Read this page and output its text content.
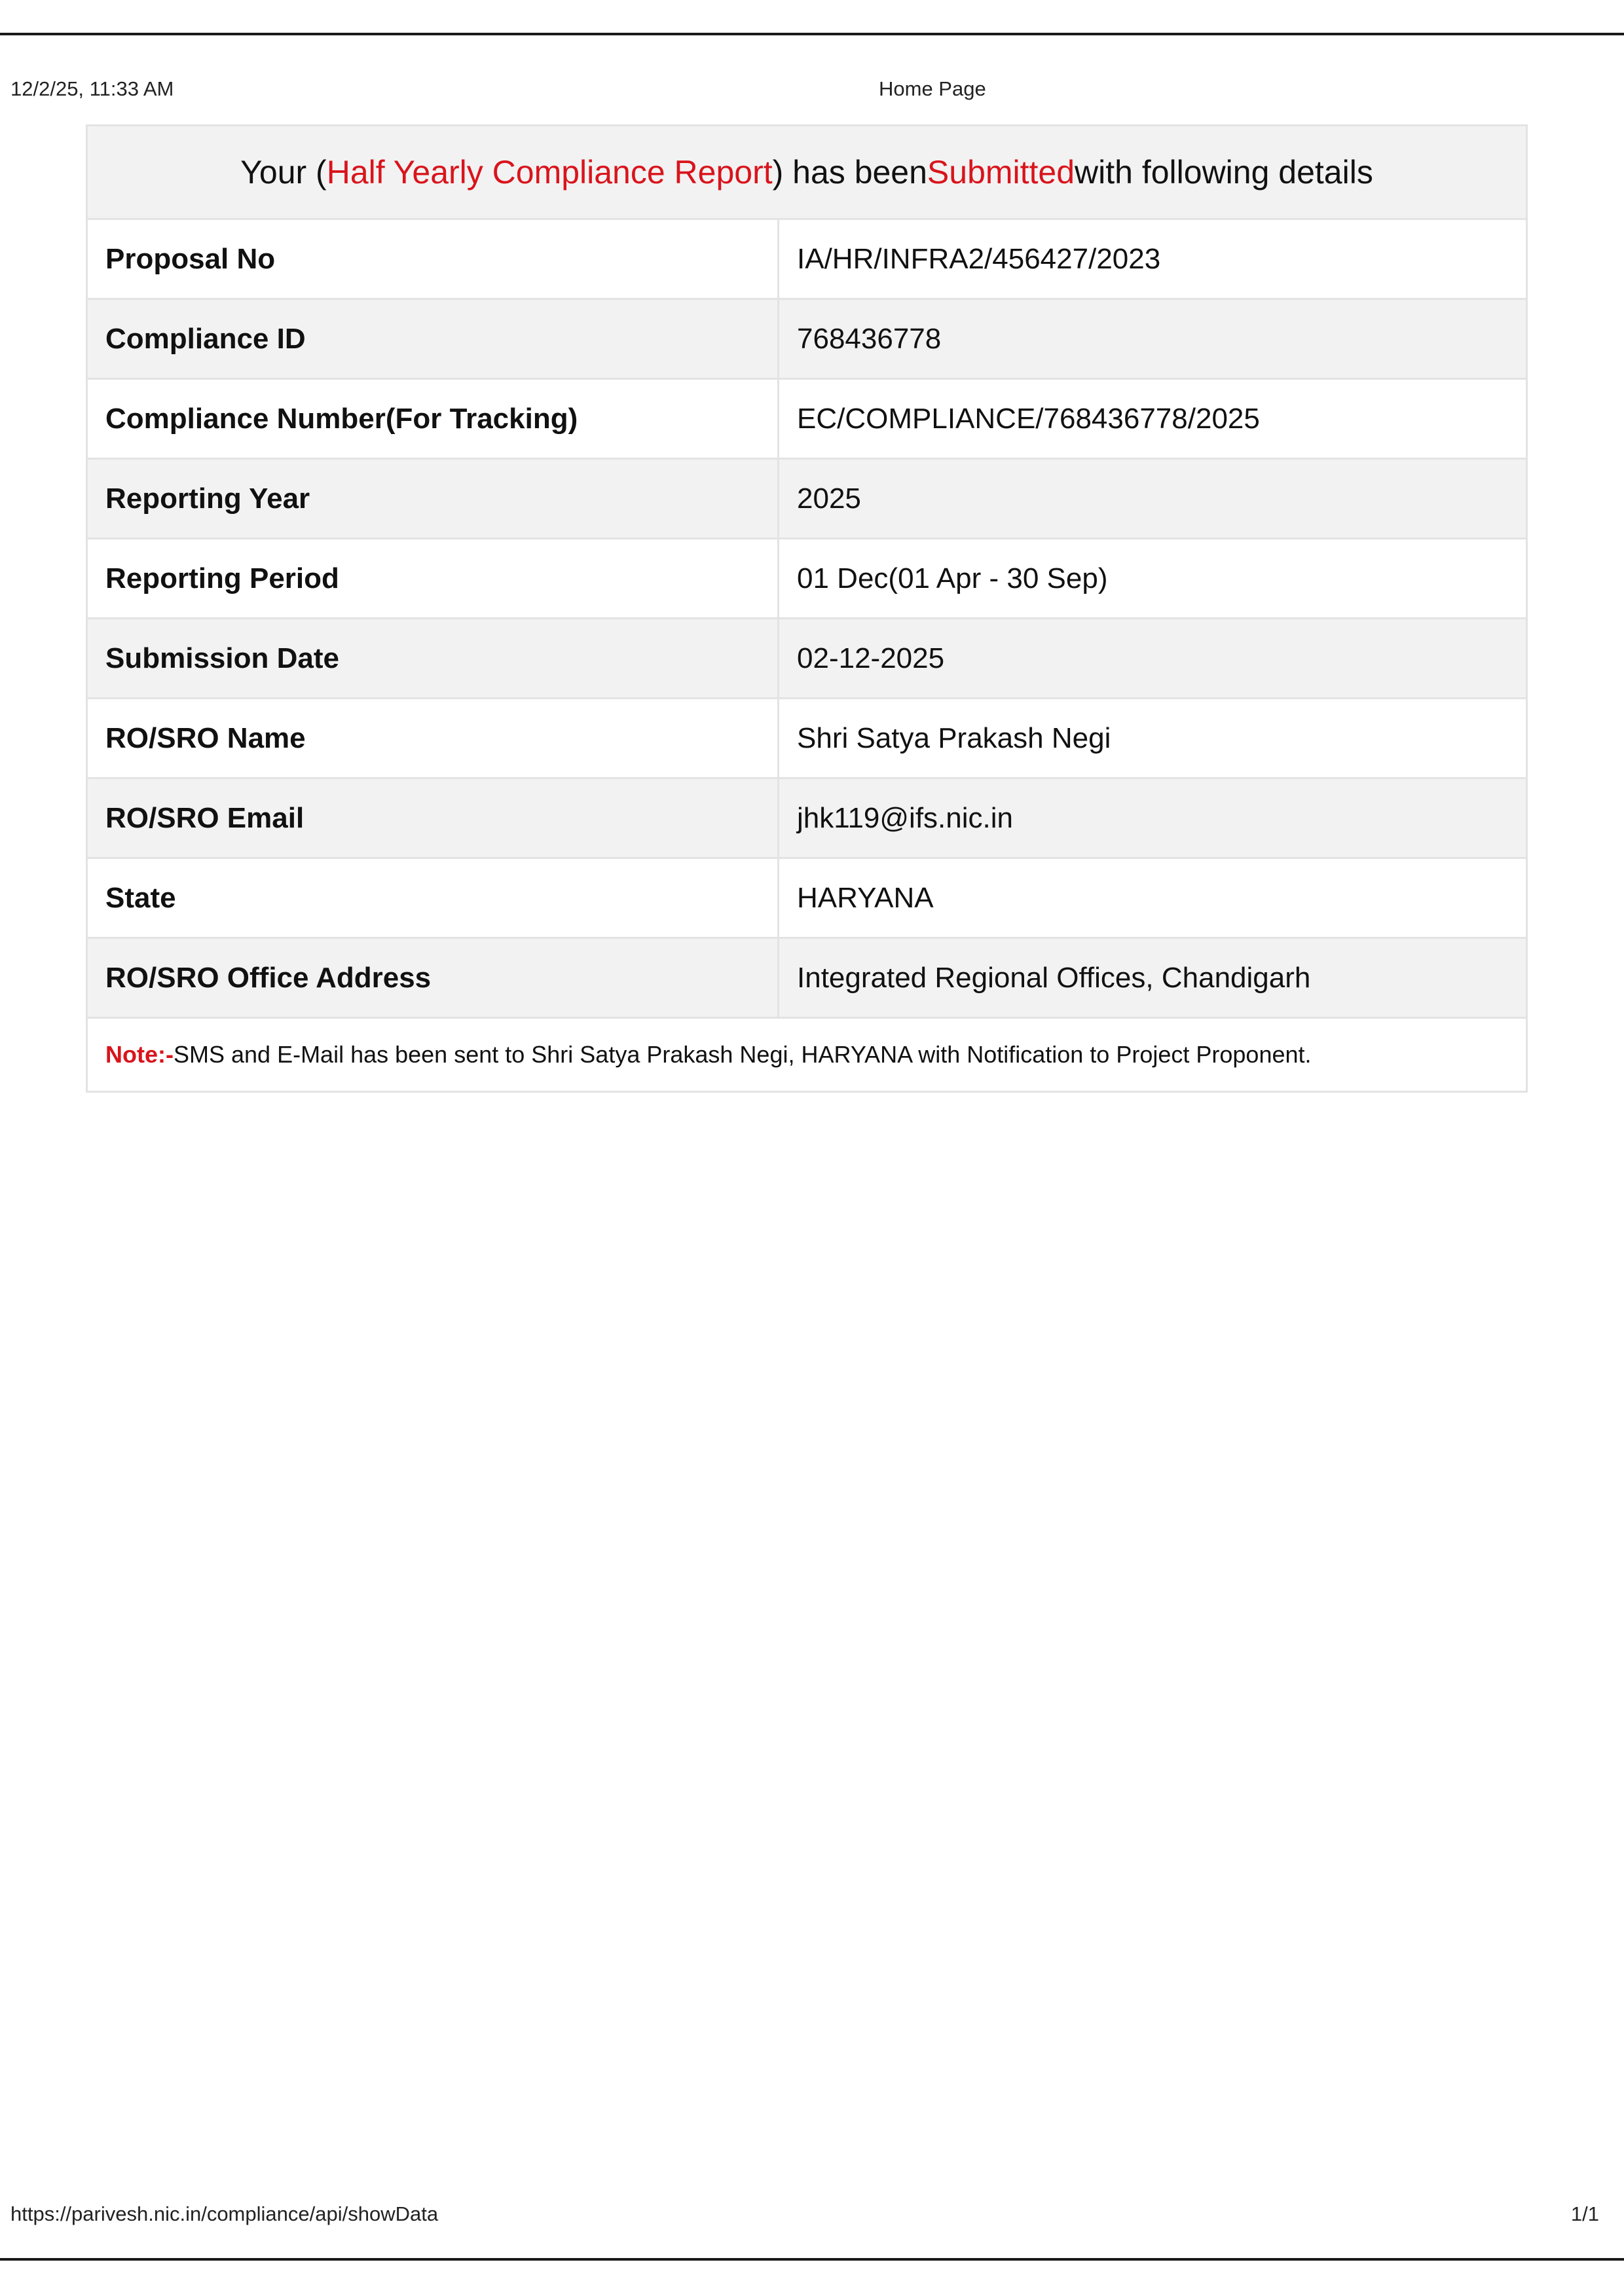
12/2/25, 11:33 AM	Home Page
Your ( Half Yearly Compliance Report ) has been Submitted with following details
Proposal No	IA/HR/INFRA2/456427/2023
Compliance ID	768436778
Compliance Number(For Tracking)	EC/COMPLIANCE/768436778/2025
Reporting Year	2025
Reporting Period	01 Dec(01 Apr - 30 Sep)
Submission Date	02-12-2025
RO/SRO Name	Shri Satya Prakash Negi
RO/SRO Email	jhk119@ifs.nic.in
State	HARYANA
RO/SRO Office Address	Integrated Regional Offices, Chandigarh
Note:- SMS and E-Mail has been sent to Shri Satya Prakash Negi, HARYANA with Notification to Project Proponent.
https://parivesh.nic.in/compliance/api/showData	1/1
